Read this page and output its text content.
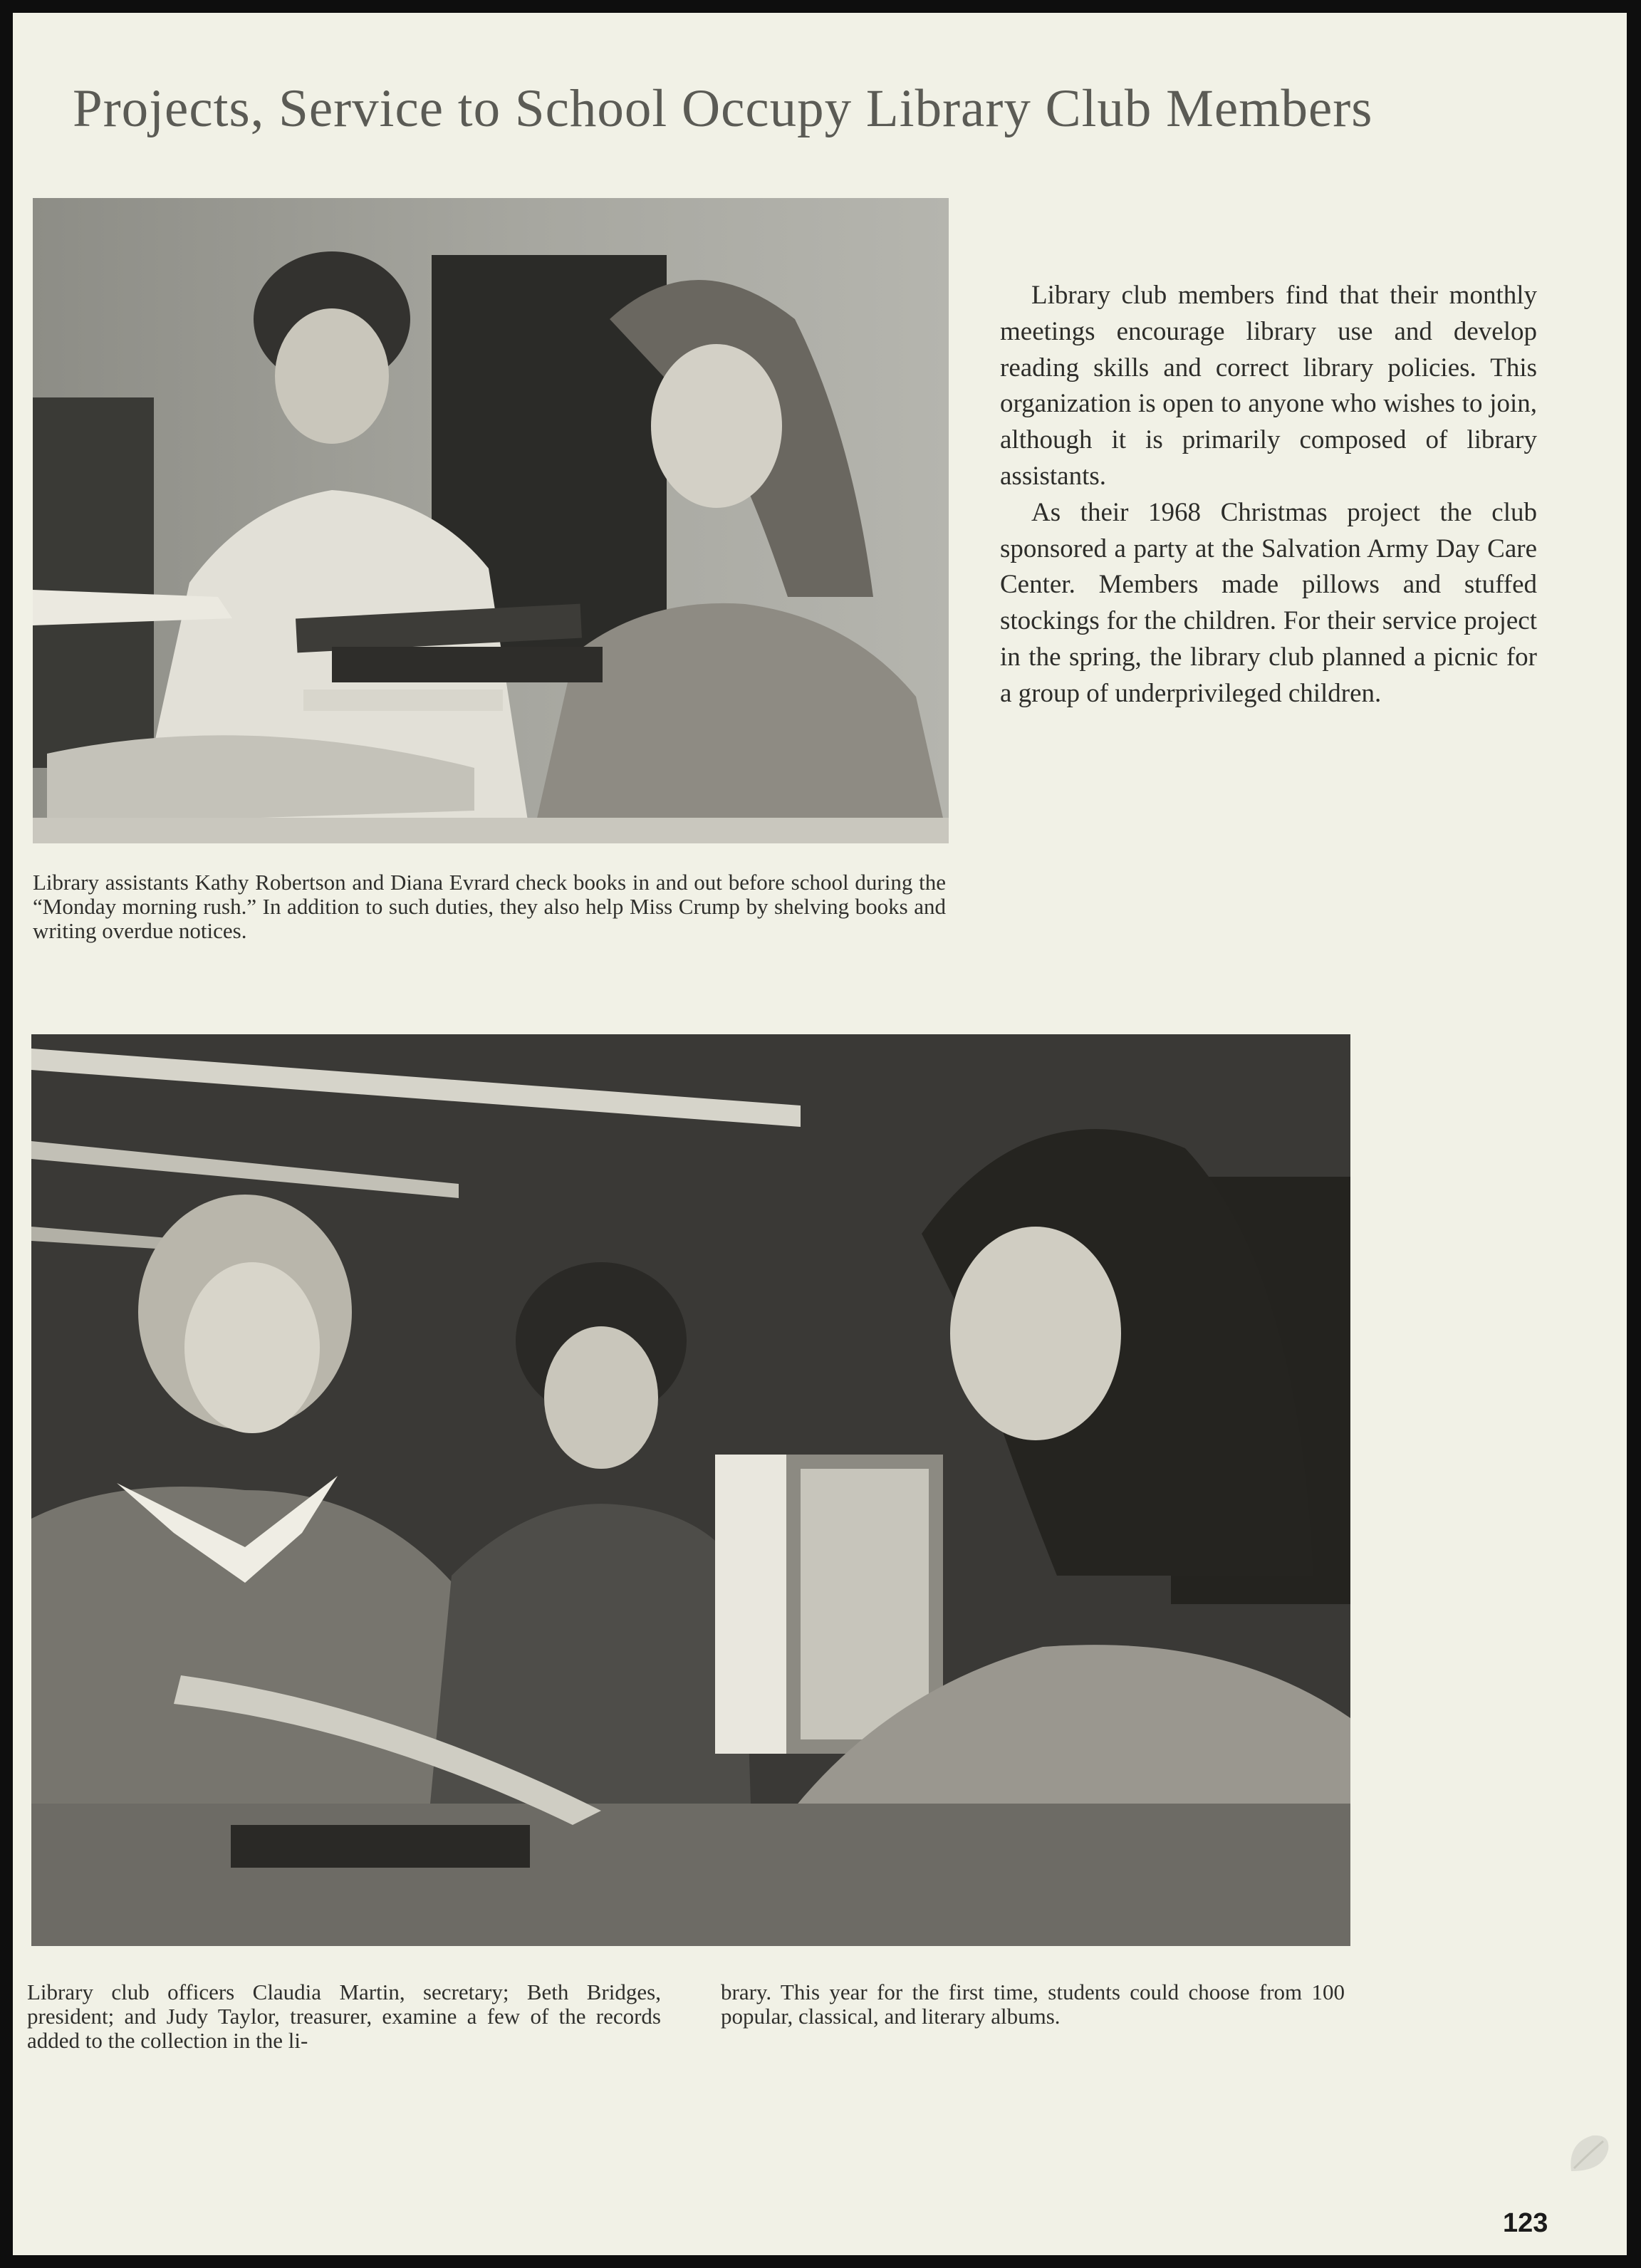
Projects, Service to School Occupy Library Club Members
Library assistants Kathy Robertson and Diana Evrard check books in and out before school during the “Monday morning rush.” In addition to such duties, they also help Miss Crump by shelving books and writing overdue notices.

Library club members find that their monthly meetings encourage library use and develop reading skills and correct library policies. This organization is open to anyone who wishes to join, although it is primarily composed of library assistants.

As their 1968 Christmas project the club sponsored a party at the Salvation Army Day Care Center. Members made pillows and stuffed stockings for the children. For their service project in the spring, the library club planned a picnic for a group of underprivileged children.

Library club officers Claudia Martin, secretary; Beth Bridges, president; and Judy Taylor, treasurer, examine a few of the records added to the collection in the li-
brary. This year for the first time, students could choose from 100 popular, classical, and literary albums.
123
